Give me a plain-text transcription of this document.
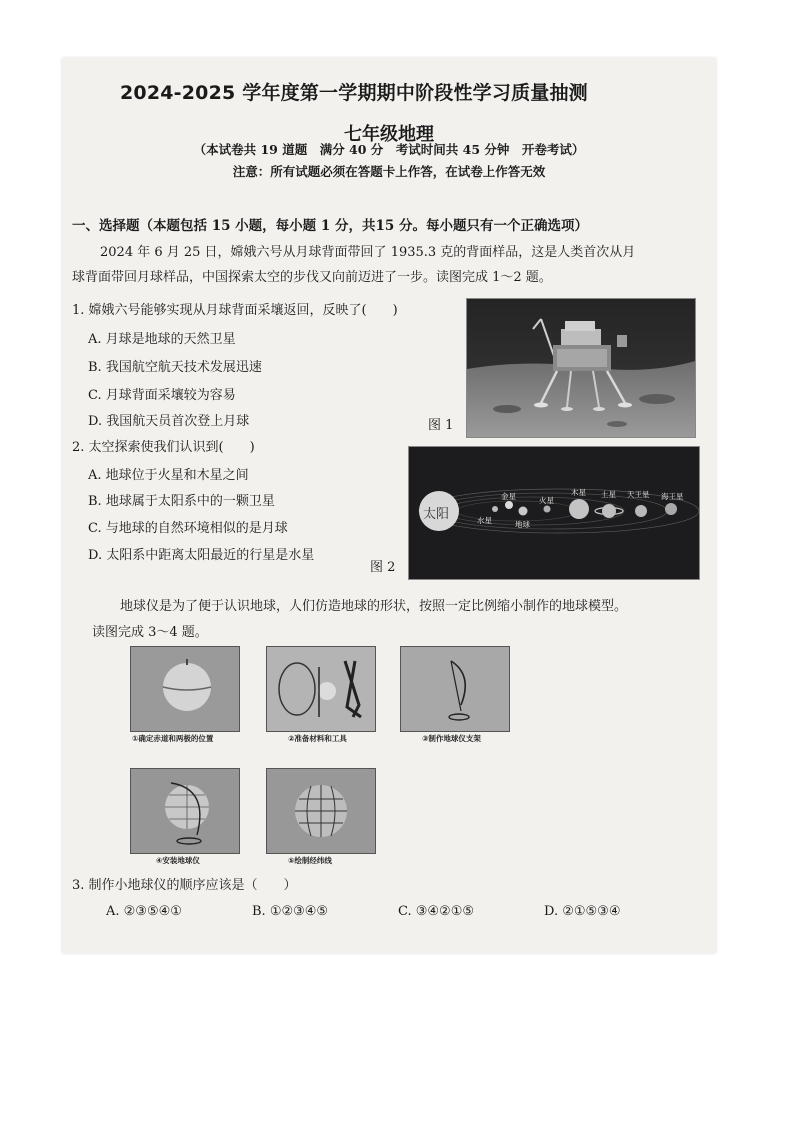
2024-2025 学年度第一学期期中阶段性学习质量抽测
七年级地理
（本试卷共 19 道题　满分 40 分　考试时间共 45 分钟　开卷考试）
注意：所有试题必须在答题卡上作答，在试卷上作答无效
一、选择题（本题包括 15 小题，每小题 1 分，共15 分。每小题只有一个正确选项）
2024 年 6 月 25 日，嫦娥六号从月球背面带回了 1935.3 克的背面样品，这是人类首次从月
球背面带回月球样品，中国探索太空的步伐又向前迈进了一步。读图完成 1～2 题。
1. 嫦娥六号能够实现从月球背面采壤返回，反映了(　　)
A. 月球是地球的天然卫星
B. 我国航空航天技术发展迅速
C. 月球背面采壤较为容易
D. 我国航天员首次登上月球	图 1
2. 太空探索使我们认识到(　　)
A. 地球位于火星和木星之间
B. 地球属于太阳系中的一颗卫星
C. 与地球的自然环境相似的是月球
D. 太阳系中距离太阳最近的行星是水星
太阳	水星
金星
地球
火星
木星 土星 天王星 海王星
图 2
地球仪是为了便于认识地球，人们仿造地球的形状，按照一定比例缩小制作的地球模型。
读图完成 3～4 题。
①确定赤道和两极的位置	②准备材料和工具	③制作地球仪支架
④安装地球仪	⑤绘制经纬线
3. 制作小地球仪的顺序应该是（　　）
A. ②③⑤④①	B. ①②③④⑤	C. ③④②①⑤	D. ②①⑤③④
